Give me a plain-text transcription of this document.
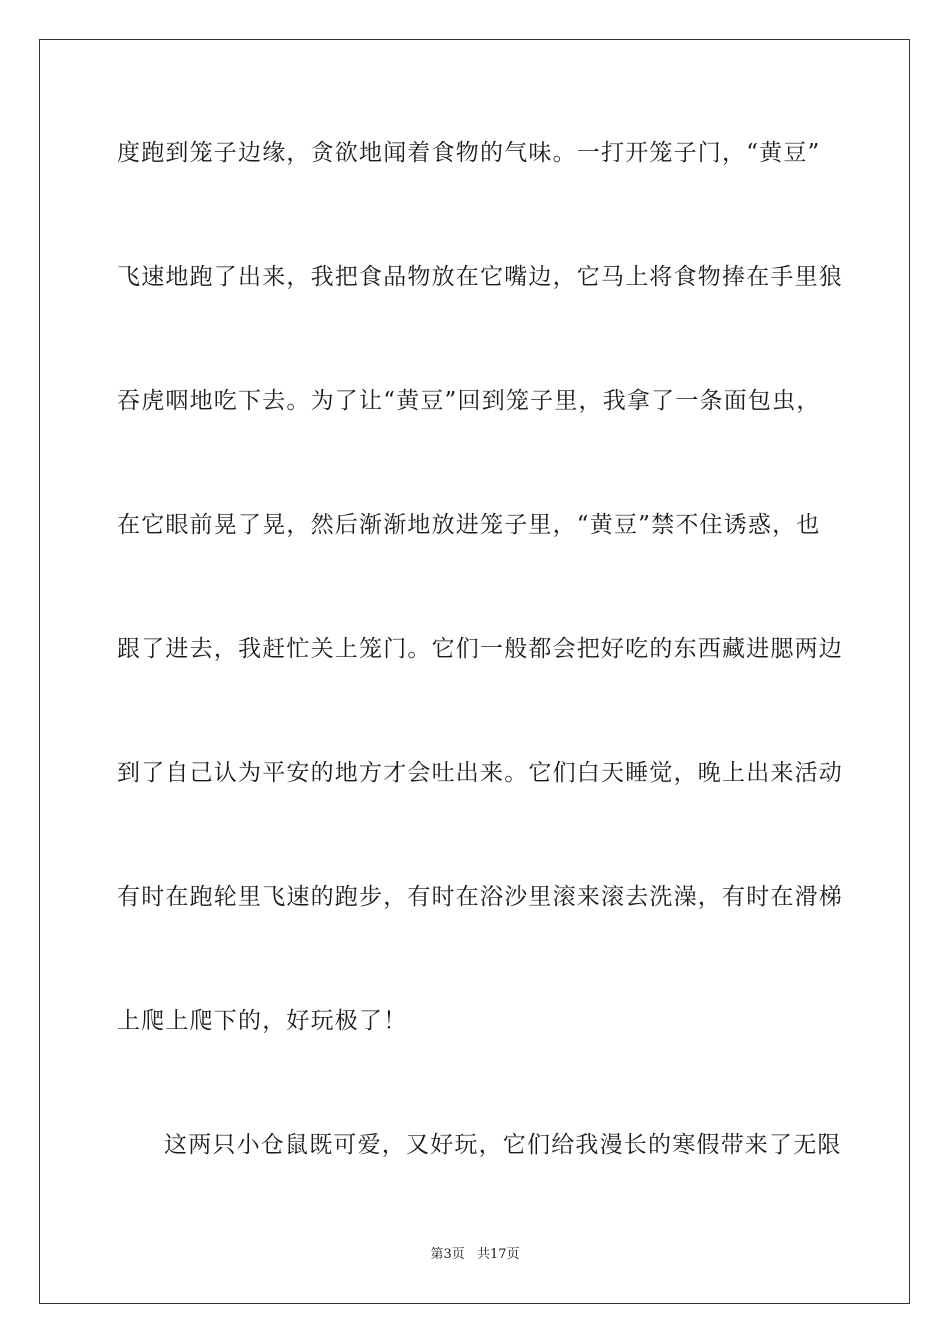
度跑到笼子边缘，贪欲地闻着食物的气味。一打开笼子门，“黄豆”
飞速地跑了出来，我把食品物放在它嘴边，它马上将食物捧在手里狼
吞虎咽地吃下去。为了让“黄豆”回到笼子里，我拿了一条面包虫，
在它眼前晃了晃，然后渐渐地放进笼子里，“黄豆”禁不住诱惑，也
跟了进去，我赶忙关上笼门。它们一般都会把好吃的东西藏进腮两边
到了自己认为平安的地方才会吐出来。它们白天睡觉，晚上出来活动
有时在跑轮里飞速的跑步，有时在浴沙里滚来滚去洗澡，有时在滑梯
上爬上爬下的，好玩极了！
这两只小仓鼠既可爱，又好玩，它们给我漫长的寒假带来了无限
第3页 共17页
